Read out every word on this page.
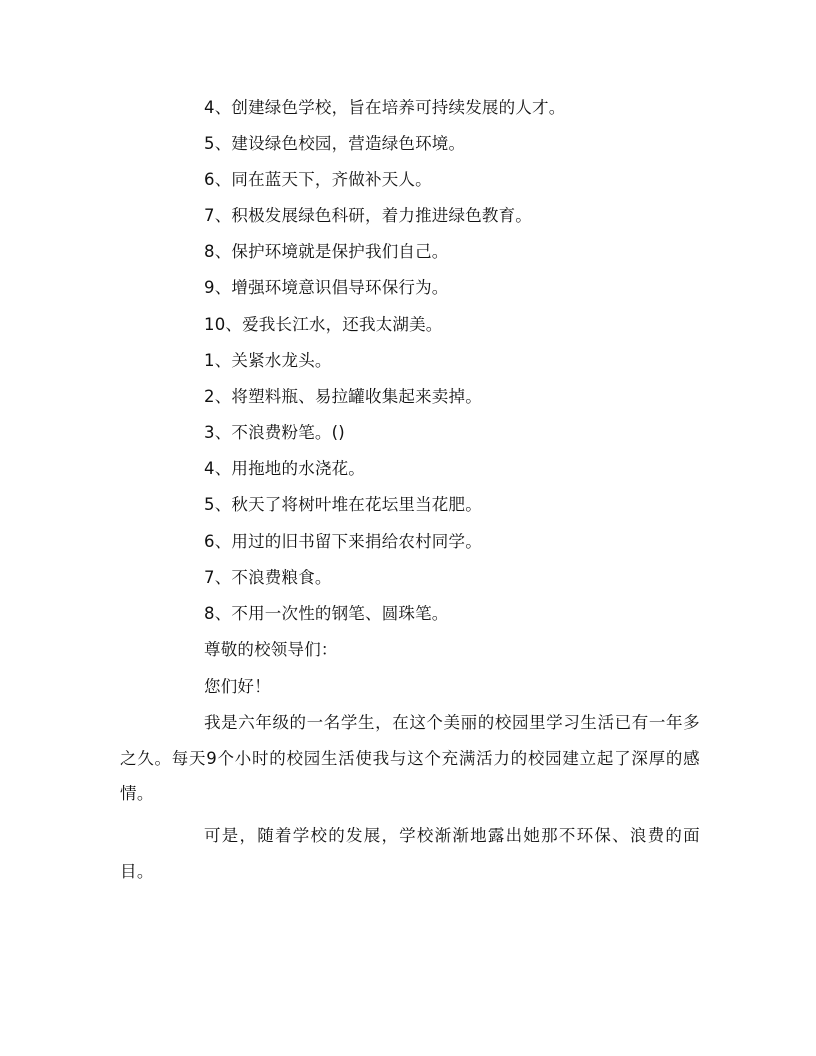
4、创建绿色学校，旨在培养可持续发展的人才。
5、建设绿色校园，营造绿色环境。
6、同在蓝天下，齐做补天人。
7、积极发展绿色科研，着力推进绿色教育。
8、保护环境就是保护我们自己。
9、增强环境意识倡导环保行为。
10、爱我长江水，还我太湖美。
1、关紧水龙头。
2、将塑料瓶、易拉罐收集起来卖掉。
3、不浪费粉笔。()
4、用拖地的水浇花。
5、秋天了将树叶堆在花坛里当花肥。
6、用过的旧书留下来捐给农村同学。
7、不浪费粮食。
8、不用一次性的钢笔、圆珠笔。
尊敬的校领导们：
您们好！
我是六年级的一名学生，在这个美丽的校园里学习生活已有一年多之久。每天9个小时的校园生活使我与这个充满活力的校园建立起了深厚的感情。
可是，随着学校的发展，学校渐渐地露出她那不环保、浪费的面目。
